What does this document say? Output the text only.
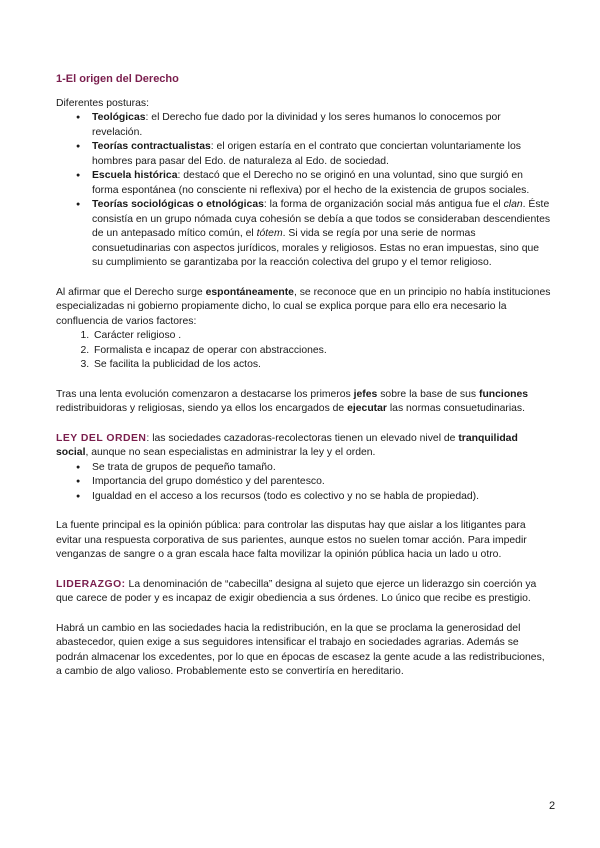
1-El origen del Derecho

Diferentes posturas:

● Teológicas: el Derecho fue dado por la divinidad y los seres humanos lo conocemos por revelación.
● Teorías contractualistas: el origen estaría en el contrato que conciertan voluntariamente los hombres para pasar del Edo. de naturaleza al Edo. de sociedad.
● Escuela histórica: destacó que el Derecho no se originó en una voluntad, sino que surgió en forma espontánea (no consciente ni reflexiva) por el hecho de la existencia de grupos sociales.
● Teorías sociológicas o etnológicas: la forma de organización social más antigua fue el clan. Éste consistía en un grupo nómada cuya cohesión se debía a que todos se consideraban descendientes de un antepasado mítico común, el tótem. Si vida se regía por una serie de normas consuetudinarias con aspectos jurídicos, morales y religiosos. Estas no eran impuestas, sino que su cumplimiento se garantizaba por la reacción colectiva del grupo y el temor religioso.

Al afirmar que el Derecho surge espontáneamente, se reconoce que en un principio no había instituciones especializadas ni gobierno propiamente dicho, lo cual se explica porque para ello era necesario la confluencia de varios factores:

1. Carácter religioso .
2. Formalista e incapaz de operar con abstracciones.
3. Se facilita la publicidad de los actos.

Tras una lenta evolución comenzaron a destacarse los primeros jefes sobre la base de sus funciones redistribuidoras y religiosas, siendo ya ellos los encargados de ejecutar las normas consuetudinarias.

LEY DEL ORDEN: las sociedades cazadoras-recolectoras tienen un elevado nivel de tranquilidad social, aunque no sean especialistas en administrar la ley y el orden.

● Se trata de grupos de pequeño tamaño.
● Importancia del grupo doméstico y del parentesco.
● Igualdad en el acceso a los recursos (todo es colectivo y no se habla de propiedad).

La fuente principal es la opinión pública: para controlar las disputas hay que aislar a los litigantes para evitar una respuesta corporativa de sus parientes, aunque estos no suelen tomar acción. Para impedir venganzas de sangre o a gran escala hace falta movilizar la opinión pública hacia un lado u otro.

LIDERAZGO: La denominación de “cabecilla” designa al sujeto que ejerce un liderazgo sin coerción ya que carece de poder y es incapaz de exigir obediencia a sus órdenes. Lo único que recibe es prestigio.

Habrá un cambio en las sociedades hacia la redistribución, en la que se proclama la generosidad del abastecedor, quien exige a sus seguidores intensificar el trabajo en sociedades agrarias. Además se podrán almacenar los excedentes, por lo que en épocas de escasez la gente acude a las redistribuciones, a cambio de algo valioso. Probablemente esto se convertiría en hereditario.

2
